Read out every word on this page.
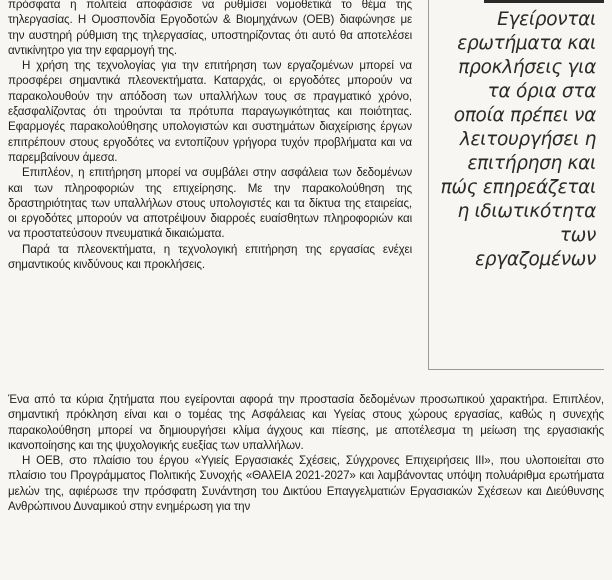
πρόσφατα η πολιτεία αποφάσισε να ρυθμίσει νομοθετικά το θέμα της τηλεργασίας. Η Ομοσπονδία Εργοδοτών & Βιομηχάνων (ΟΕΒ) διαφώνησε με την αυστηρή ρύθμιση της τηλεργασίας, υποστηρίζοντας ότι αυτό θα αποτελέσει αντικίνητρο για την εφαρμογή της.

Η χρήση της τεχνολογίας για την επιτήρηση των εργαζομένων μπορεί να προσφέρει σημαντικά πλεονεκτήματα. Καταρχάς, οι εργοδότες μπορούν να παρακολουθούν την απόδοση των υπαλλήλων τους σε πραγματικό χρόνο, εξασφαλίζοντας ότι τηρούνται τα πρότυπα παραγωγικότητας και ποιότητας. Εφαρμογές παρακολούθησης υπολογιστών και συστημάτων διαχείρισης έργων επιτρέπουν στους εργοδότες να εντοπίζουν γρήγορα τυχόν προβλήματα και να παρεμβαίνουν άμεσα.

Επιπλέον, η επιτήρηση μπορεί να συμβάλει στην ασφάλεια των δεδομένων και των πληροφοριών της επιχείρησης. Με την παρακολούθηση της δραστηριότητας των υπαλλήλων στους υπολογιστές και τα δίκτυα της εταιρείας, οι εργοδότες μπορούν να αποτρέψουν διαρροές ευαίσθητων πληροφοριών και να προστατεύσουν πνευματικά δικαιώματα.

Παρά τα πλεονεκτήματα, η τεχνολογική επιτήρηση της εργασίας ενέχει σημαντικούς κινδύνους και προκλήσεις.

Εγείρονται ερωτήματα και προκλήσεις για τα όρια στα οποία πρέπει να λειτουργήσει η επιτήρηση και πώς επηρεάζεται η ιδιωτικότητα των εργαζομένων

Ένα από τα κύρια ζητήματα που εγείρονται αφορά την προστασία δεδομένων προσωπικού χαρακτήρα. Επιπλέον, σημαντική πρόκληση είναι και ο τομέας της Ασφάλειας και Υγείας στους χώρους εργασίας, καθώς η συνεχής παρακολούθηση μπορεί να δημιουργήσει κλίμα άγχους και πίεσης, με αποτέλεσμα τη μείωση της εργασιακής ικανοποίησης και της ψυχολογικής ευεξίας των υπαλλήλων.

Η ΟΕΒ, στο πλαίσιο του έργου «Υγιείς Εργασιακές Σχέσεις, Σύγχρονες Επιχειρήσεις ΙΙΙ», που υλοποιείται στο πλαίσιο του Προγράμματος Πολιτικής Συνοχής «ΘΑλΕΙΑ 2021-2027» και λαμβάνοντας υπόψη πολυάριθμα ερωτήματα μελών της, αφιέρωσε την πρόσφατη Συνάντηση του Δικτύου Επαγγελματιών Εργασιακών Σχέσεων και Διεύθυνσης Ανθρώπινου Δυναμικού στην ενημέρωση για την
